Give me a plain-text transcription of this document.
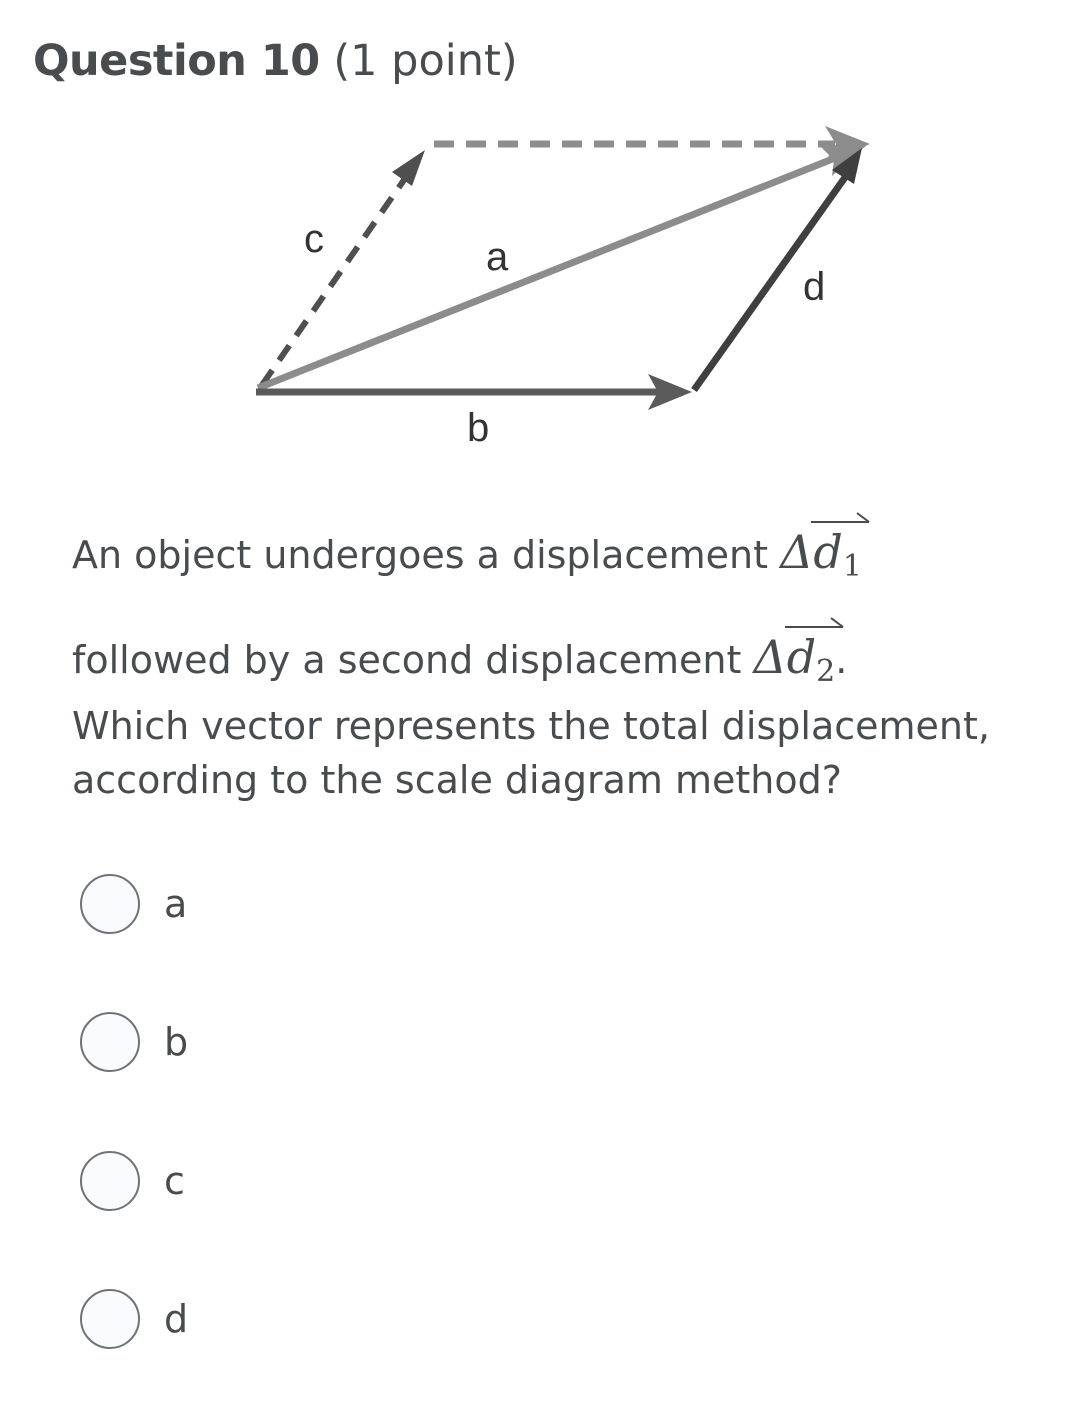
Question 10 (1 point)
c	a
d
b
An object undergoes a displacement Δ
$d_1$
followed by a second displacement Δ
$d_2$.
Which vector represents the total displacement,
according to the scale diagram method?
a
b
c
d
